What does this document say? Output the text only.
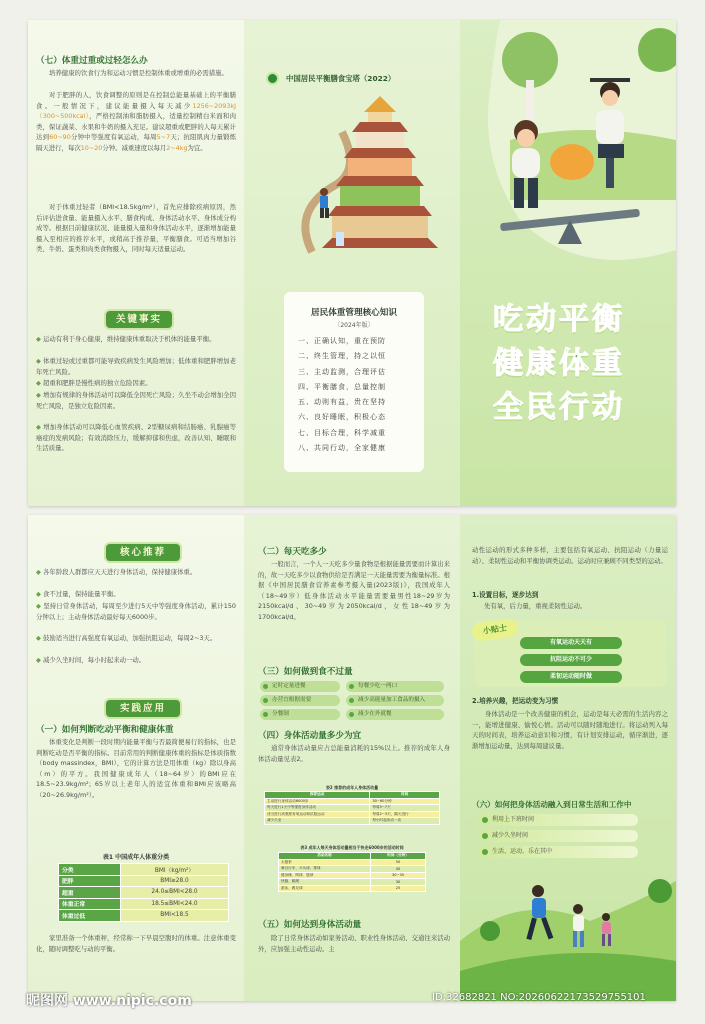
（七）体重过重或过轻怎么办
培养健康的饮食行为和运动习惯是控制体重或增重的必需措施。
对于肥胖的人，饮食调整的原则是在控制总能量基础上的平衡膳食。一般情况下，建议能量摄入每天减少1256~2093kJ（300~500kcal），严格控制油和脂肪摄入，适量控制精白米面和肉类，保证蔬菜、水果和牛奶的摄入充足。建议超重或肥胖的人每天累计达到60~90分钟中等强度有氧运动，每周5~7天；抗阻肌肉力量锻炼隔天进行，每次10~20分钟。减重速度以每月2~4kg为宜。
对于体重过轻者（BMI<18.5kg/m²），首先应排除疾病原因，然后评估进食量、能量摄入水平、膳食构成、身体活动水平、身体成分构成等。根据目前健康状况、能量摄入量和身体活动水平，逐渐增加能量摄入至相应的推荐水平，或稍高于推荐量，平衡膳食。可适当增加谷类、牛奶、蛋类和肉类食物摄入，同时每天适量运动。
关键事实
◆ 运动有利于身心健康，维持健康体重取决于机体的能量平衡。
◆ 体重过轻或过重都可能导致疾病发生风险增加；低体重和肥胖增加老年死亡风险。
◆ 超重和肥胖是慢性病的独立危险因素。
◆ 增加有规律的身体活动可以降低全因死亡风险；久坐不动会增加全因死亡风险，是独立危险因素。
◆ 增加身体活动可以降低心血管疾病、2型糖尿病和结肠癌、乳腺癌等癌症的发病风险；有效消除压力，缓解抑郁和焦虑，改善认知、睡眠和生活质量。
中国居民平衡膳食宝塔（2022）
居民体重管理核心知识
〔2024年版〕
一、正确认知，重在预防
二、终生管理，持之以恒
三、主动监测，合理评估
四、平衡膳食，总量控制
五、动则有益，贵在坚持
六、良好睡眠，积极心态
七、目标合理，科学减重
八、共同行动，全家健康
吃动平衡
健康体重
全民行动
核心推荐
◆ 各年龄段人群都应天天进行身体活动，保持健康体重。
◆ 食不过量，保持能量平衡。
◆ 坚持日常身体活动，每周至少进行5天中等强度身体活动，累计150分钟以上；主动身体活动最好每天6000步。
◆ 鼓励适当进行高强度有氧运动，加强抗阻运动，每周2~3天。
◆ 减少久坐时间，每小时起来动一动。
实践应用
（一）如何判断吃动平衡和健康体重
体重变化是判断一段时期内能量平衡与否最简便易行的指标，也是判断吃动是否平衡的指标。目前常用的判断健康体重的指标是体质指数（body massindex，BMI），它的计算方法是用体重（kg）除以身高（m）的平方。我国健康成年人（18~64岁）的BMI应在18.5~23.9kg/m²；65岁以上老年人的适宜体重和BMI应该略高（20~26.9kg/m²）。
表1 中国成年人体重分类
分类	BMI（kg/m²）
肥胖	BMI≥28.0
超重	24.0≤BMI<28.0
体重正常	18.5≤BMI<24.0
体重过低	BMI<18.5
家里准备一个体重秤，经常称一下早晨空腹时的体重。注意体重变化，随时调整吃与动的平衡。
（二）每天吃多少
一般而言，一个人一天吃多少量食物是根据能量需要而计算出来的，故一天吃多少以食物供给是否满足一天能量需要为衡量标准。根据《中国居民膳食营养素参考摄入量(2023版)》，我国成年人（18~49岁）低身体活动水平能量需要量男性18~29岁为2150kcal/d、30~49岁为2050kcal/d，女性18~49岁为1700kcal/d。
（三）如何做到食不过量
定时定量进餐	每餐少吃一两口
办营宜根据需要	减少高能量加工食品的摄入
分餐制	减少在外就餐
（四）身体活动量多少为宜
通常身体活动量应占总能量消耗的15%以上。推荐的成年人身体活动量见表2。
表2 推荐的成年人身体活动量
推荐运动	时间
主动进行身体活动6000步	30~60分钟
每天进行1天中等强度身体活动	每周5~7天
适当进行高强度有氧运动和抗阻运动	每周2~3天，隔天进行
减少久坐	每小时起来动一动
表3 成年人每天身体活动量相当于快走6000步的活动时间
活动名称	时间（分钟）
太极拳	50
骑自行车、乒乓球、排球	40
健身操、网球、篮球	30~35
快跑、跳绳	30
游泳、踢足球	25
（五）如何达到身体活动量
除了日常身体活动如家务活动、职业性身体活动、交通往来活动外，应加强主动性运动。主
动性运动的形式多种多样，主要包括有氧运动、抗阻运动（力量运动）、柔韧性运动和平衡协调类运动。运动时应兼顾不同类型的运动。
1.设置目标，逐步达到
先有氧，后力量，重视柔韧性运动。
小贴士
有氧运动天天有
抗阻运动不可少
柔韧运动随时做
2.培养兴趣，把运动变为习惯
身体活动是一个改善健康的机会，运动是每天必需的生活内容之一，能增进健康、愉悦心情。活动可以随时随地进行。将运动列入每天的时间表，培养运动意识和习惯，有计划安排运动，循序渐进，逐渐增加运动量，达到每周建议量。
（六）如何把身体活动融入到日常生活和工作中
利用上下班时间
减少久坐时间
生活、运动、乐在其中
昵图网 www.nipic.com	ID:32682821 NO:20260622173529755101
